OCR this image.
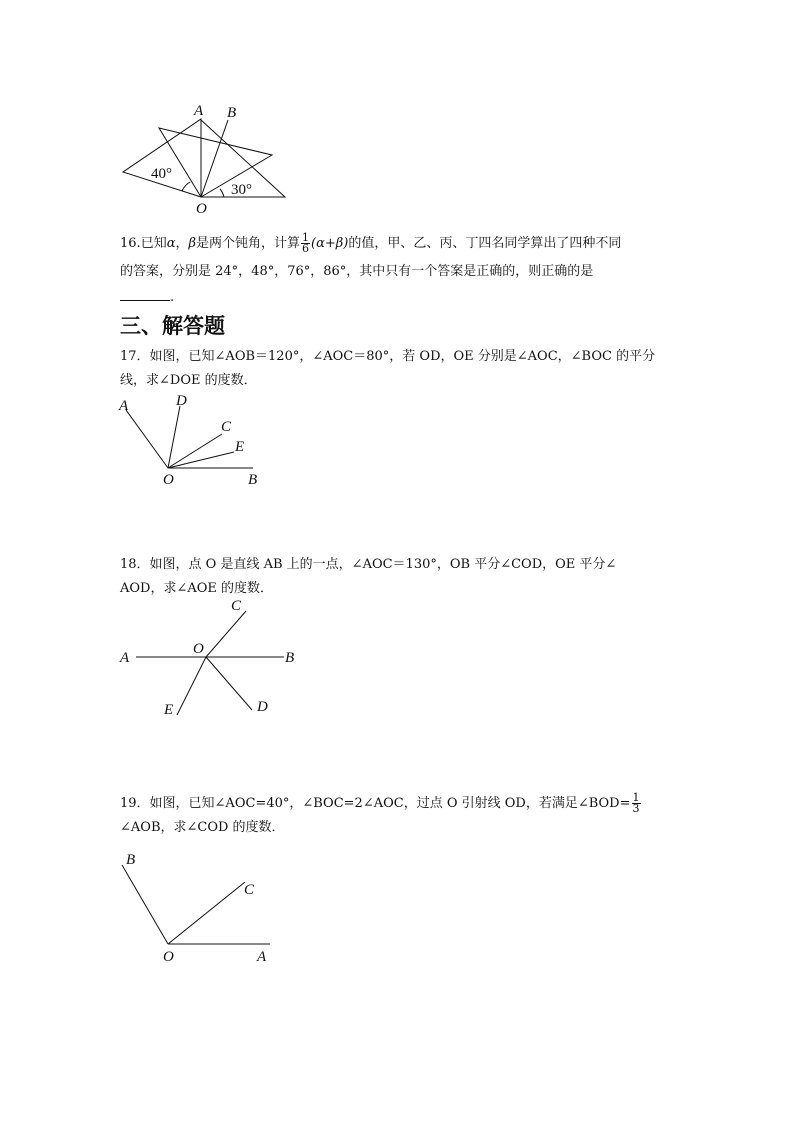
A B
O
40°
30°
16.已知α，β是两个钝角，计算 $\frac{1}{6} (\alpha+\beta)$的值，甲、乙、丙、丁四名同学算出了四种不同
的答案，分别是 24°，48°，76°，86°，其中只有一个答案是正确的，则正确的是
.
三、解答题
17．如图，已知∠AOB＝120°，∠AOC＝80°，若 OD，OE 分别是∠AOC，∠BOC 的平分
线，求∠DOE 的度数．
A	D
C
E
O	B
18．如图，点 O 是直线 AB 上的一点，∠AOC＝130°，OB 平分∠COD，OE 平分∠
AOD，求∠AOE 的度数．
A
O
B
C
D
E
19．如图，已知∠AOC=40°，∠BOC=2∠AOC，过点 O 引射线 OD，若满足∠BOD= $\frac{1}{3}$
∠AOB，求∠COD 的度数．
B
C
O	A
